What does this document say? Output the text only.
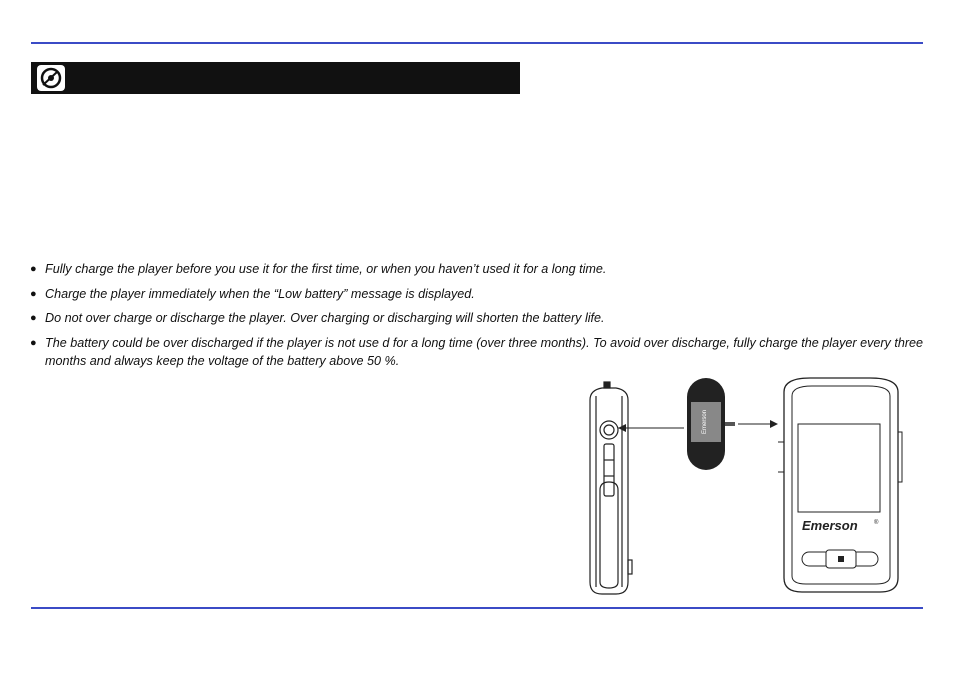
● Fully charge the player before you use it for the first time, or when you haven’t used it for a long time.
● Charge the player immediately when the “Low battery” message is displayed.
● Do not over charge or discharge the player. Over charging or discharging will shorten the battery life.
● The battery could be over discharged if the player is not use d for a long time (over three months). To avoid over discharge, fully charge the player every three months and always keep the voltage of the battery above 50 %.
Emerson
Emerson	®
